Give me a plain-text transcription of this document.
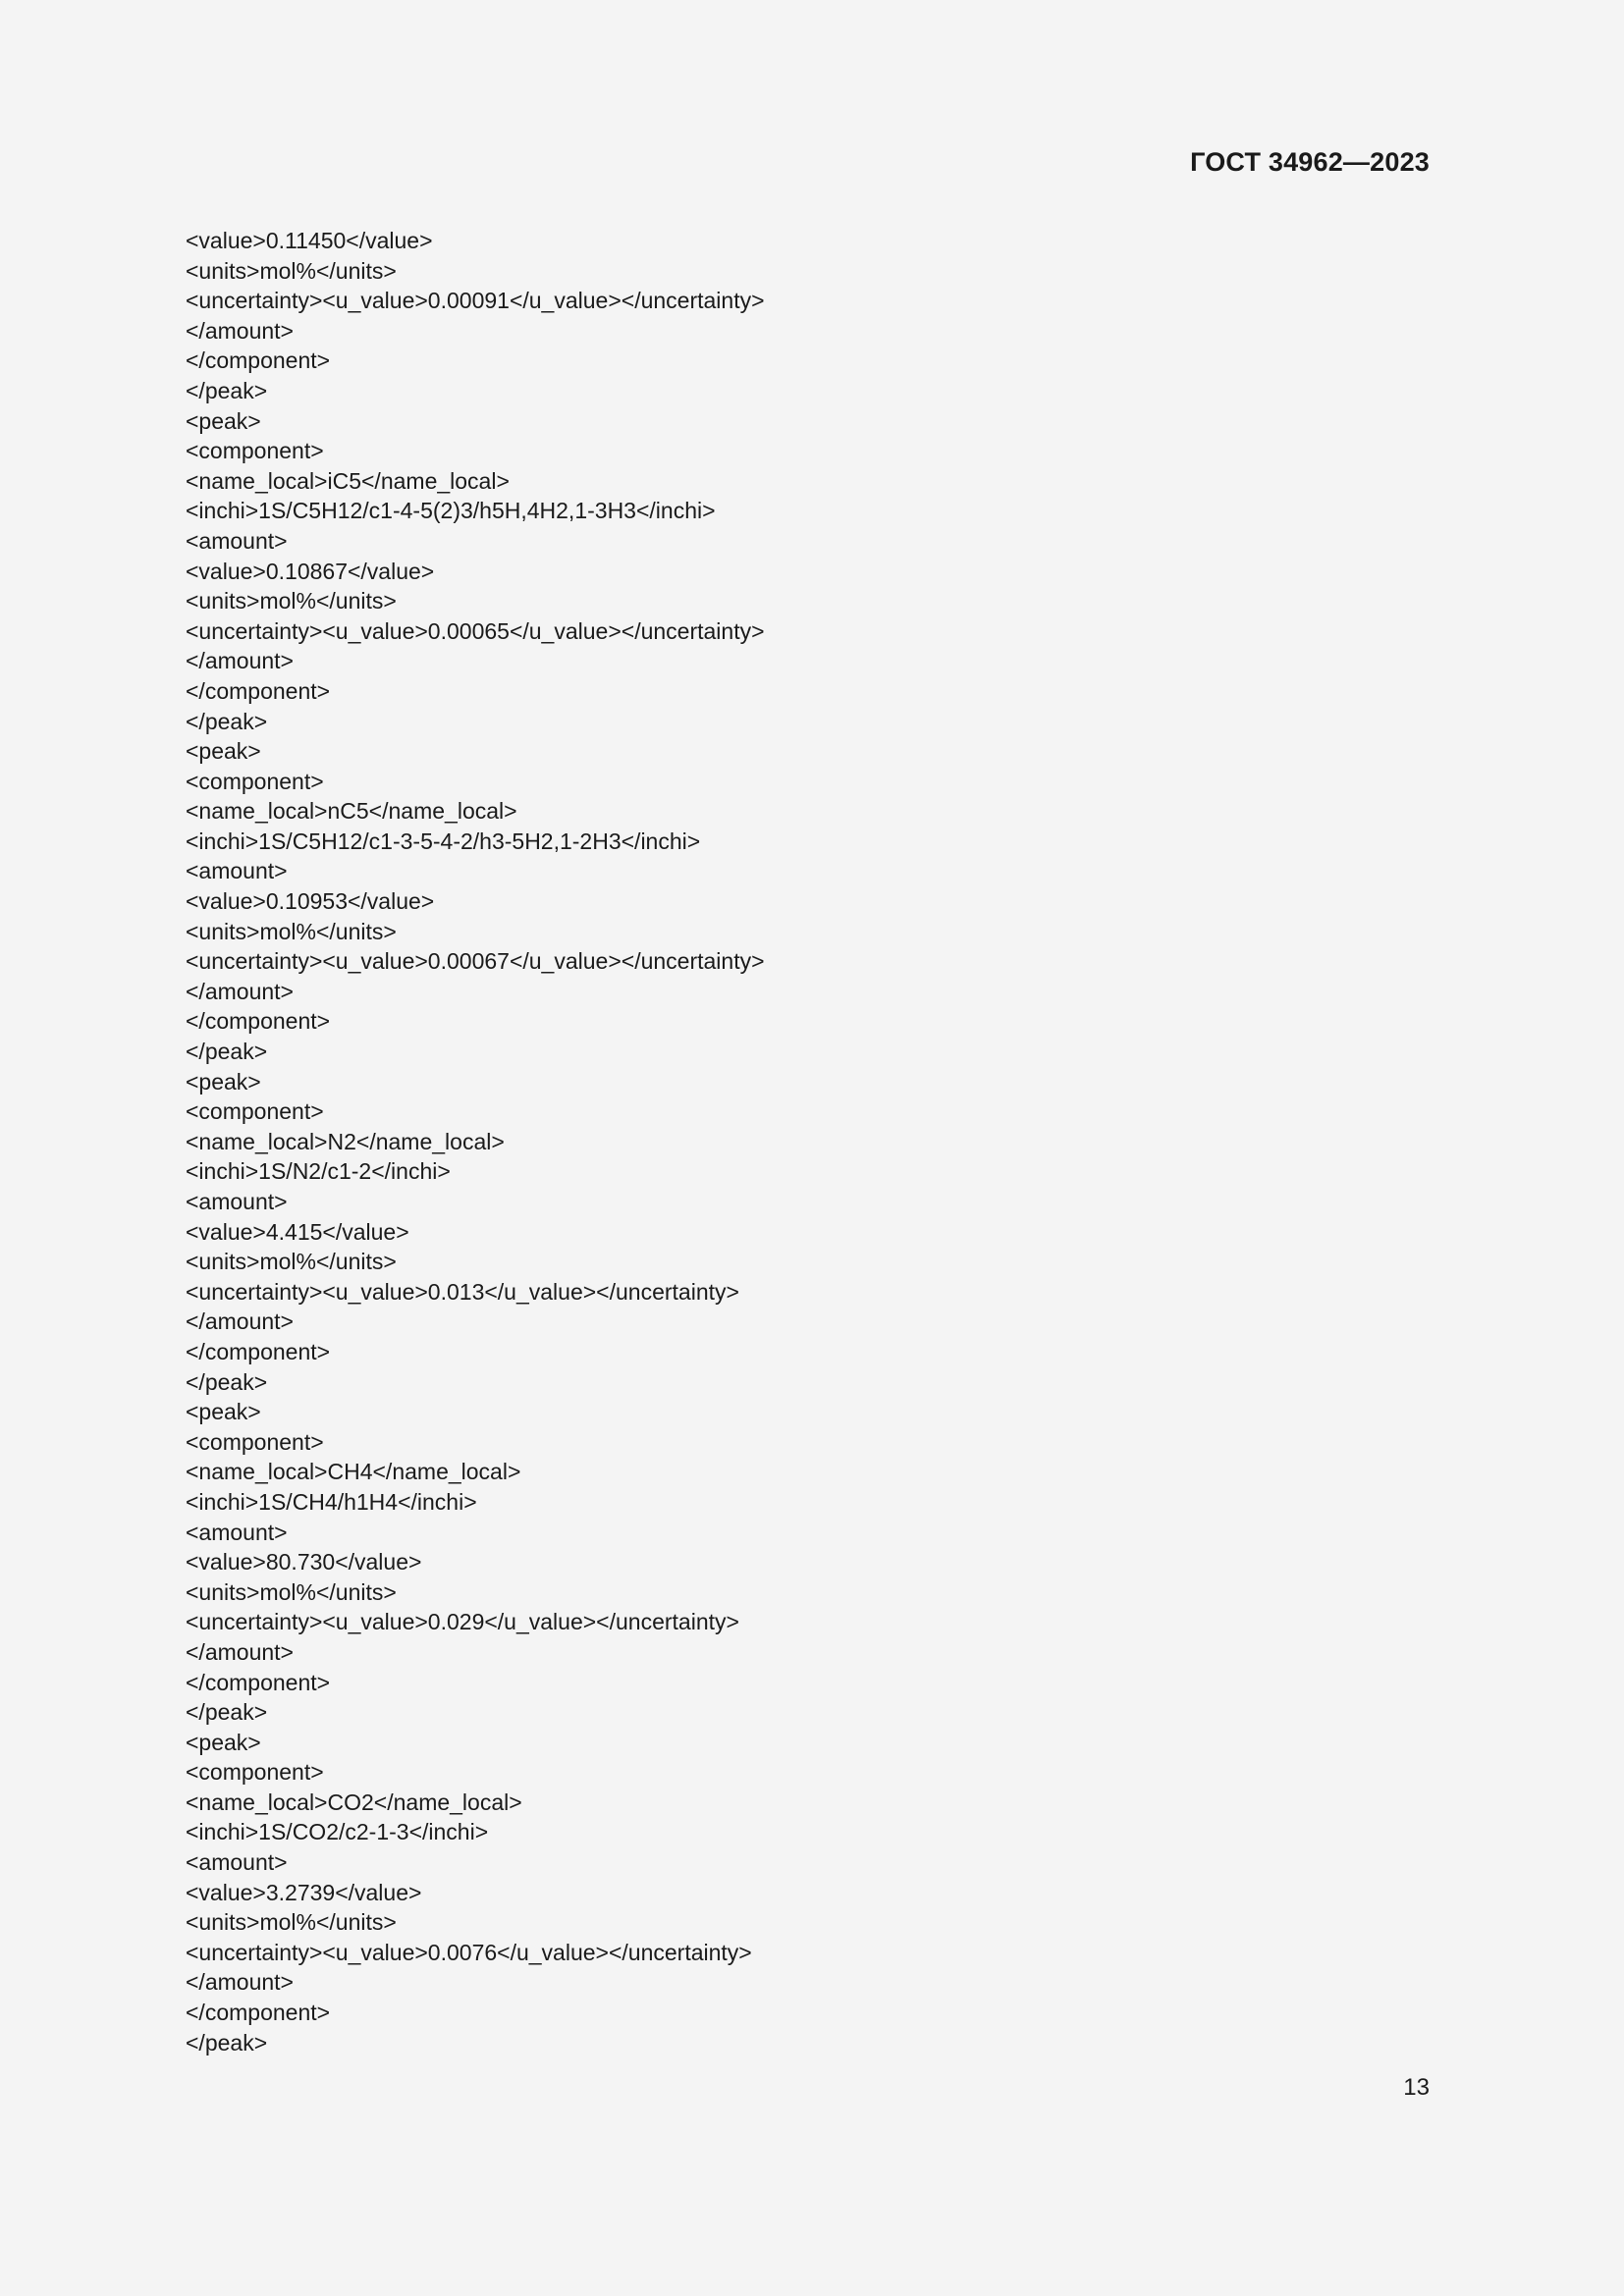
ГОСТ 34962—2023
<value>0.11450</value>
<units>mol%</units>
<uncertainty><u_value>0.00091</u_value></uncertainty>
</amount>
</component>
</peak>
<peak>
<component>
<name_local>iC5</name_local>
<inchi>1S/C5H12/c1-4-5(2)3/h5H,4H2,1-3H3</inchi>
<amount>
<value>0.10867</value>
<units>mol%</units>
<uncertainty><u_value>0.00065</u_value></uncertainty>
</amount>
</component>
</peak>
<peak>
<component>
<name_local>nC5</name_local>
<inchi>1S/C5H12/c1-3-5-4-2/h3-5H2,1-2H3</inchi>
<amount>
<value>0.10953</value>
<units>mol%</units>
<uncertainty><u_value>0.00067</u_value></uncertainty>
</amount>
</component>
</peak>
<peak>
<component>
<name_local>N2</name_local>
<inchi>1S/N2/c1-2</inchi>
<amount>
<value>4.415</value>
<units>mol%</units>
<uncertainty><u_value>0.013</u_value></uncertainty>
</amount>
</component>
</peak>
<peak>
<component>
<name_local>CH4</name_local>
<inchi>1S/CH4/h1H4</inchi>
<amount>
<value>80.730</value>
<units>mol%</units>
<uncertainty><u_value>0.029</u_value></uncertainty>
</amount>
</component>
</peak>
<peak>
<component>
<name_local>CO2</name_local>
<inchi>1S/CO2/c2-1-3</inchi>
<amount>
<value>3.2739</value>
<units>mol%</units>
<uncertainty><u_value>0.0076</u_value></uncertainty>
</amount>
</component>
</peak>
13
